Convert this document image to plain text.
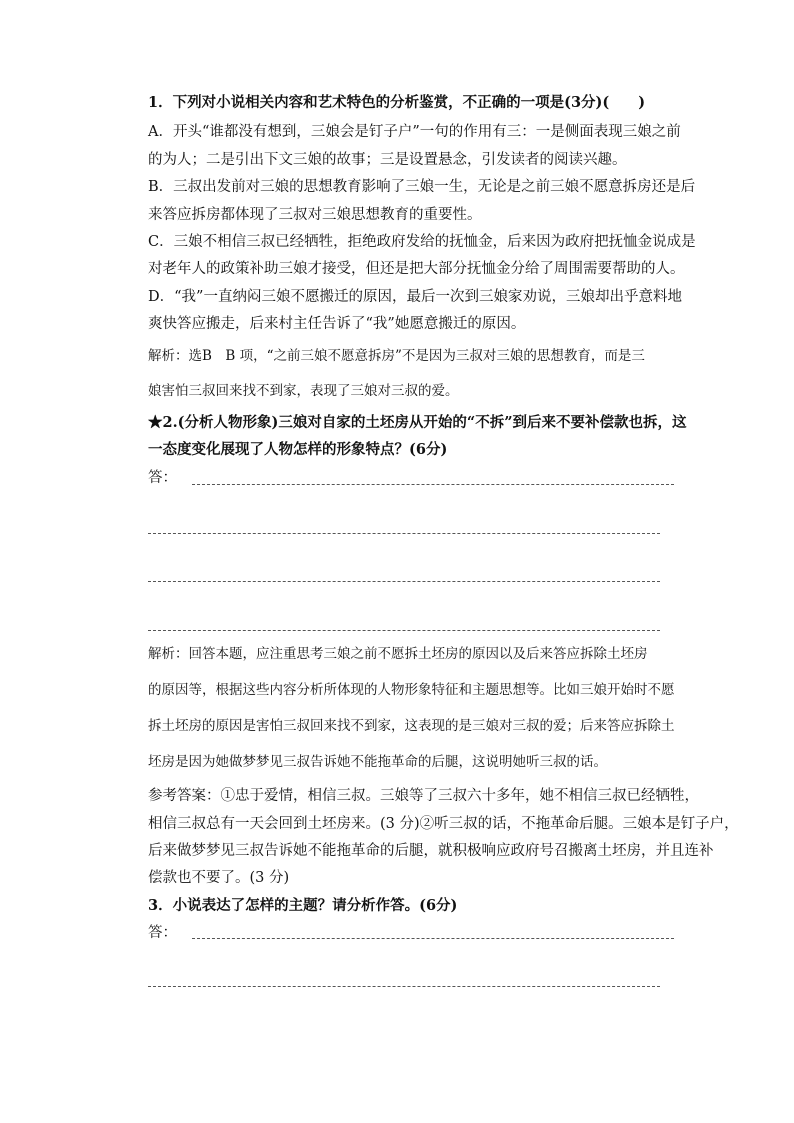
1．下列对小说相关内容和艺术特色的分析鉴赏，不正确的一项是(3分)(　　)
A．开头“谁都没有想到，三娘会是钉子户”一句的作用有三：一是侧面表现三娘之前
的为人；二是引出下文三娘的故事；三是设置悬念，引发读者的阅读兴趣。
B．三叔出发前对三娘的思想教育影响了三娘一生，无论是之前三娘不愿意拆房还是后
来答应拆房都体现了三叔对三娘思想教育的重要性。
C．三娘不相信三叔已经牺牲，拒绝政府发给的抚恤金，后来因为政府把抚恤金说成是
对老年人的政策补助三娘才接受，但还是把大部分抚恤金分给了周围需要帮助的人。
D．“我”一直纳闷三娘不愿搬迁的原因，最后一次到三娘家劝说，三娘却出乎意料地
爽快答应搬走，后来村主任告诉了“我”她愿意搬迁的原因。
解析：选B　B 项，“之前三娘不愿意拆房”不是因为三叔对三娘的思想教育，而是三
娘害怕三叔回来找不到家，表现了三娘对三叔的爱。
★2.(分析人物形象)三娘对自家的土坯房从开始的“不拆”到后来不要补偿款也拆，这
一态度变化展现了人物怎样的形象特点？(6分)
答：
解析：回答本题，应注重思考三娘之前不愿拆土坯房的原因以及后来答应拆除土坯房
的原因等，根据这些内容分析所体现的人物形象特征和主题思想等。比如三娘开始时不愿
拆土坯房的原因是害怕三叔回来找不到家，这表现的是三娘对三叔的爱；后来答应拆除土
坯房是因为她做梦梦见三叔告诉她不能拖革命的后腿，这说明她听三叔的话。
参考答案：①忠于爱情，相信三叔。三娘等了三叔六十多年，她不相信三叔已经牺牲，
相信三叔总有一天会回到土坯房来。(3 分)②听三叔的话，不拖革命后腿。三娘本是钉子户，
后来做梦梦见三叔告诉她不能拖革命的后腿，就积极响应政府号召搬离土坯房，并且连补
偿款也不要了。(3 分)
3．小说表达了怎样的主题？请分析作答。(6分)
答：
